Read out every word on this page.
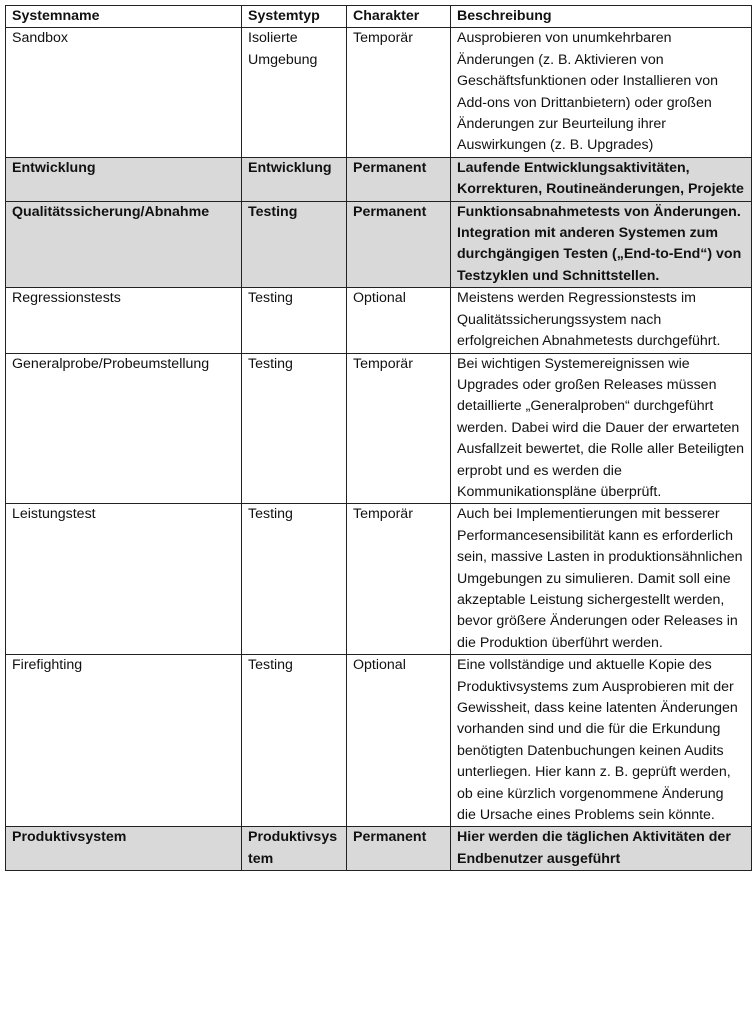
Systemname	Systemtyp	Charakter	Beschreibung
Sandbox	Isolierte Umgebung	Temporär	Ausprobieren von unumkehrbaren Änderungen (z. B. Aktivieren von Geschäftsfunktionen oder Installieren von Add-ons von Drittanbietern) oder großen Änderungen zur Beurteilung ihrer Auswirkungen (z. B. Upgrades)
Entwicklung	Entwicklung	Permanent	Laufende Entwicklungsaktivitäten, Korrekturen, Routineänderungen, Projekte
Qualitätssicherung/Abnahme	Testing	Permanent	Funktionsabnahmetests von Änderungen. Integration mit anderen Systemen zum durchgängigen Testen („End-to-End“) von Testzyklen und Schnittstellen.
Regressionstests	Testing	Optional	Meistens werden Regressionstests im Qualitätssicherungssystem nach erfolgreichen Abnahmetests durchgeführt.
Generalprobe/Probeumstellung	Testing	Temporär	Bei wichtigen Systemereignissen wie Upgrades oder großen Releases müssen detaillierte „Generalproben“ durchgeführt werden. Dabei wird die Dauer der erwarteten Ausfallzeit bewertet, die Rolle aller Beteiligten erprobt und es werden die Kommunikationspläne überprüft.
Leistungstest	Testing	Temporär	Auch bei Implementierungen mit besserer Performancesensibilität kann es erforderlich sein, massive Lasten in produktionsähnlichen Umgebungen zu simulieren. Damit soll eine akzeptable Leistung sichergestellt werden, bevor größere Änderungen oder Releases in die Produktion überführt werden.
Firefighting	Testing	Optional	Eine vollständige und aktuelle Kopie des Produktivsystems zum Ausprobieren mit der Gewissheit, dass keine latenten Änderungen vorhanden sind und die für die Erkundung benötigten Datenbuchungen keinen Audits unterliegen. Hier kann z. B. geprüft werden, ob eine kürzlich vorgenommene Änderung die Ursache eines Problems sein könnte.
Produktivsystem	Produktivsystem	Permanent	Hier werden die täglichen Aktivitäten der Endbenutzer ausgeführt
